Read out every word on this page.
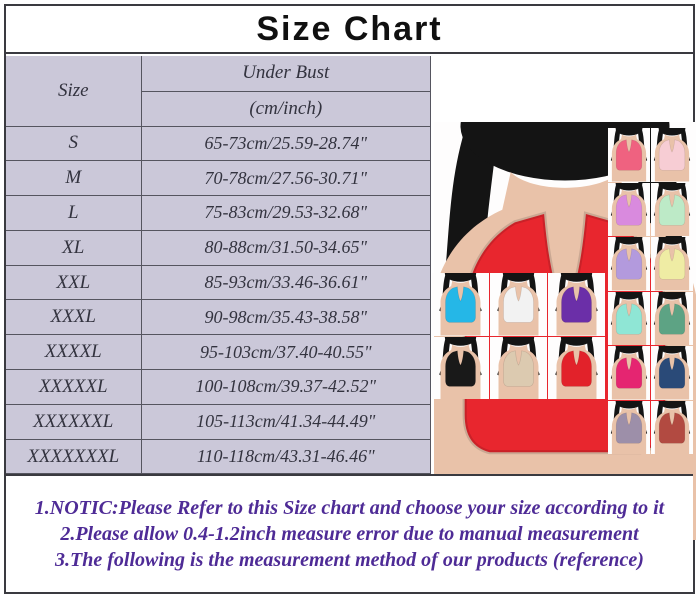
Size Chart
Size	Under Bust
	(cm/inch)
S	65-73cm/25.59-28.74"
M	70-78cm/27.56-30.71"
L	75-83cm/29.53-32.68"
XL	80-88cm/31.50-34.65"
XXL	85-93cm/33.46-36.61"
XXXL	90-98cm/35.43-38.58"
XXXXL	95-103cm/37.40-40.55"
XXXXXL	100-108cm/39.37-42.52"
XXXXXXL	105-113cm/41.34-44.49"
XXXXXXXL	110-118cm/43.31-46.46"
1.NOTIC:Please Refer to this Size chart and choose your size according to it
2.Please allow 0.4-1.2inch measure error due to manual measurement
3.The following is the measurement method of our products (reference)
